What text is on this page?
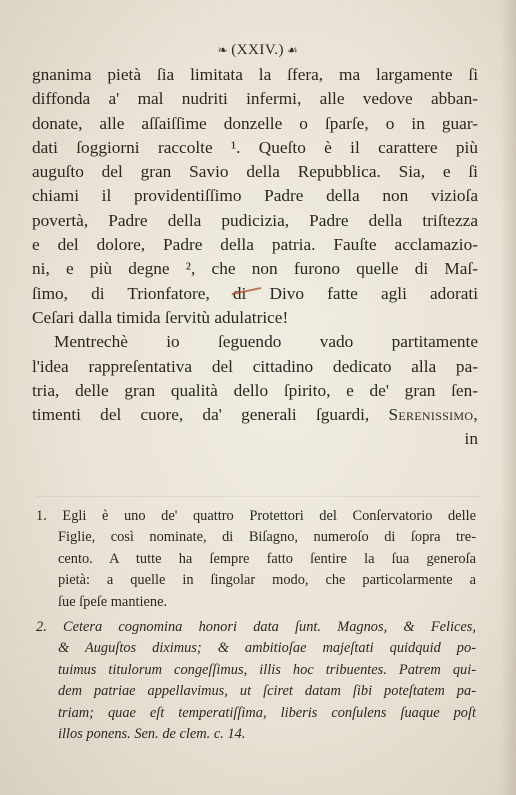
❧ (XXIV.) ☙
gnanima pietà ſia limitata la ſfera, ma largamente ſi
diffonda a' mal nudriti infermi, alle vedove abban-
donate, alle aſſaiſſime donzelle o ſparſe, o in guar-
dati ſoggiorni raccolte ¹. Queſto è il carattere più
auguſto del gran Savio della Repubblica. Sia, e ſi
chiami il providentiſſimo Padre della non vizioſa
povertà, Padre della pudicizia, Padre della triſtezza
e del dolore, Padre della patria. Fauſte acclamazio-
ni, e più degne ², che non furono quelle di Maſ-
ſimo, di Trionfatore, di Divo fatte agli adorati
Ceſari dalla timida ſervitù adulatrice!
Mentrechè io ſeguendo vado partitamente
l'idea rappreſentativa del cittadino dedicato alla pa-
tria, delle gran qualità dello ſpirito, e de' gran ſen-
timenti del cuore, da' generali ſguardi, Serenissimo,
in
1. Egli è uno de' quattro Protettori del Conſervatorio delle
Figlie, così nominate, di Biſagno, numeroſo di ſopra tre-
cento. A tutte ha ſempre fatto ſentire la ſua generoſa
pietà: a quelle in ſingolar modo, che particolarmente a
ſue ſpeſe mantiene.
2. Cetera cognomina honori data ſunt. Magnos, & Felices,
& Auguſtos diximus; & ambitioſae majeſtati quidquid po-
tuimus titulorum congeſſimus, illis hoc tribuentes. Patrem qui-
dem patriae appellavimus, ut ſciret datam ſibi poteſtatem pa-
triam; quae eſt temperatiſſima, liberis conſulens ſuaque poſt
illos ponens. Sen. de clem. c. 14.
